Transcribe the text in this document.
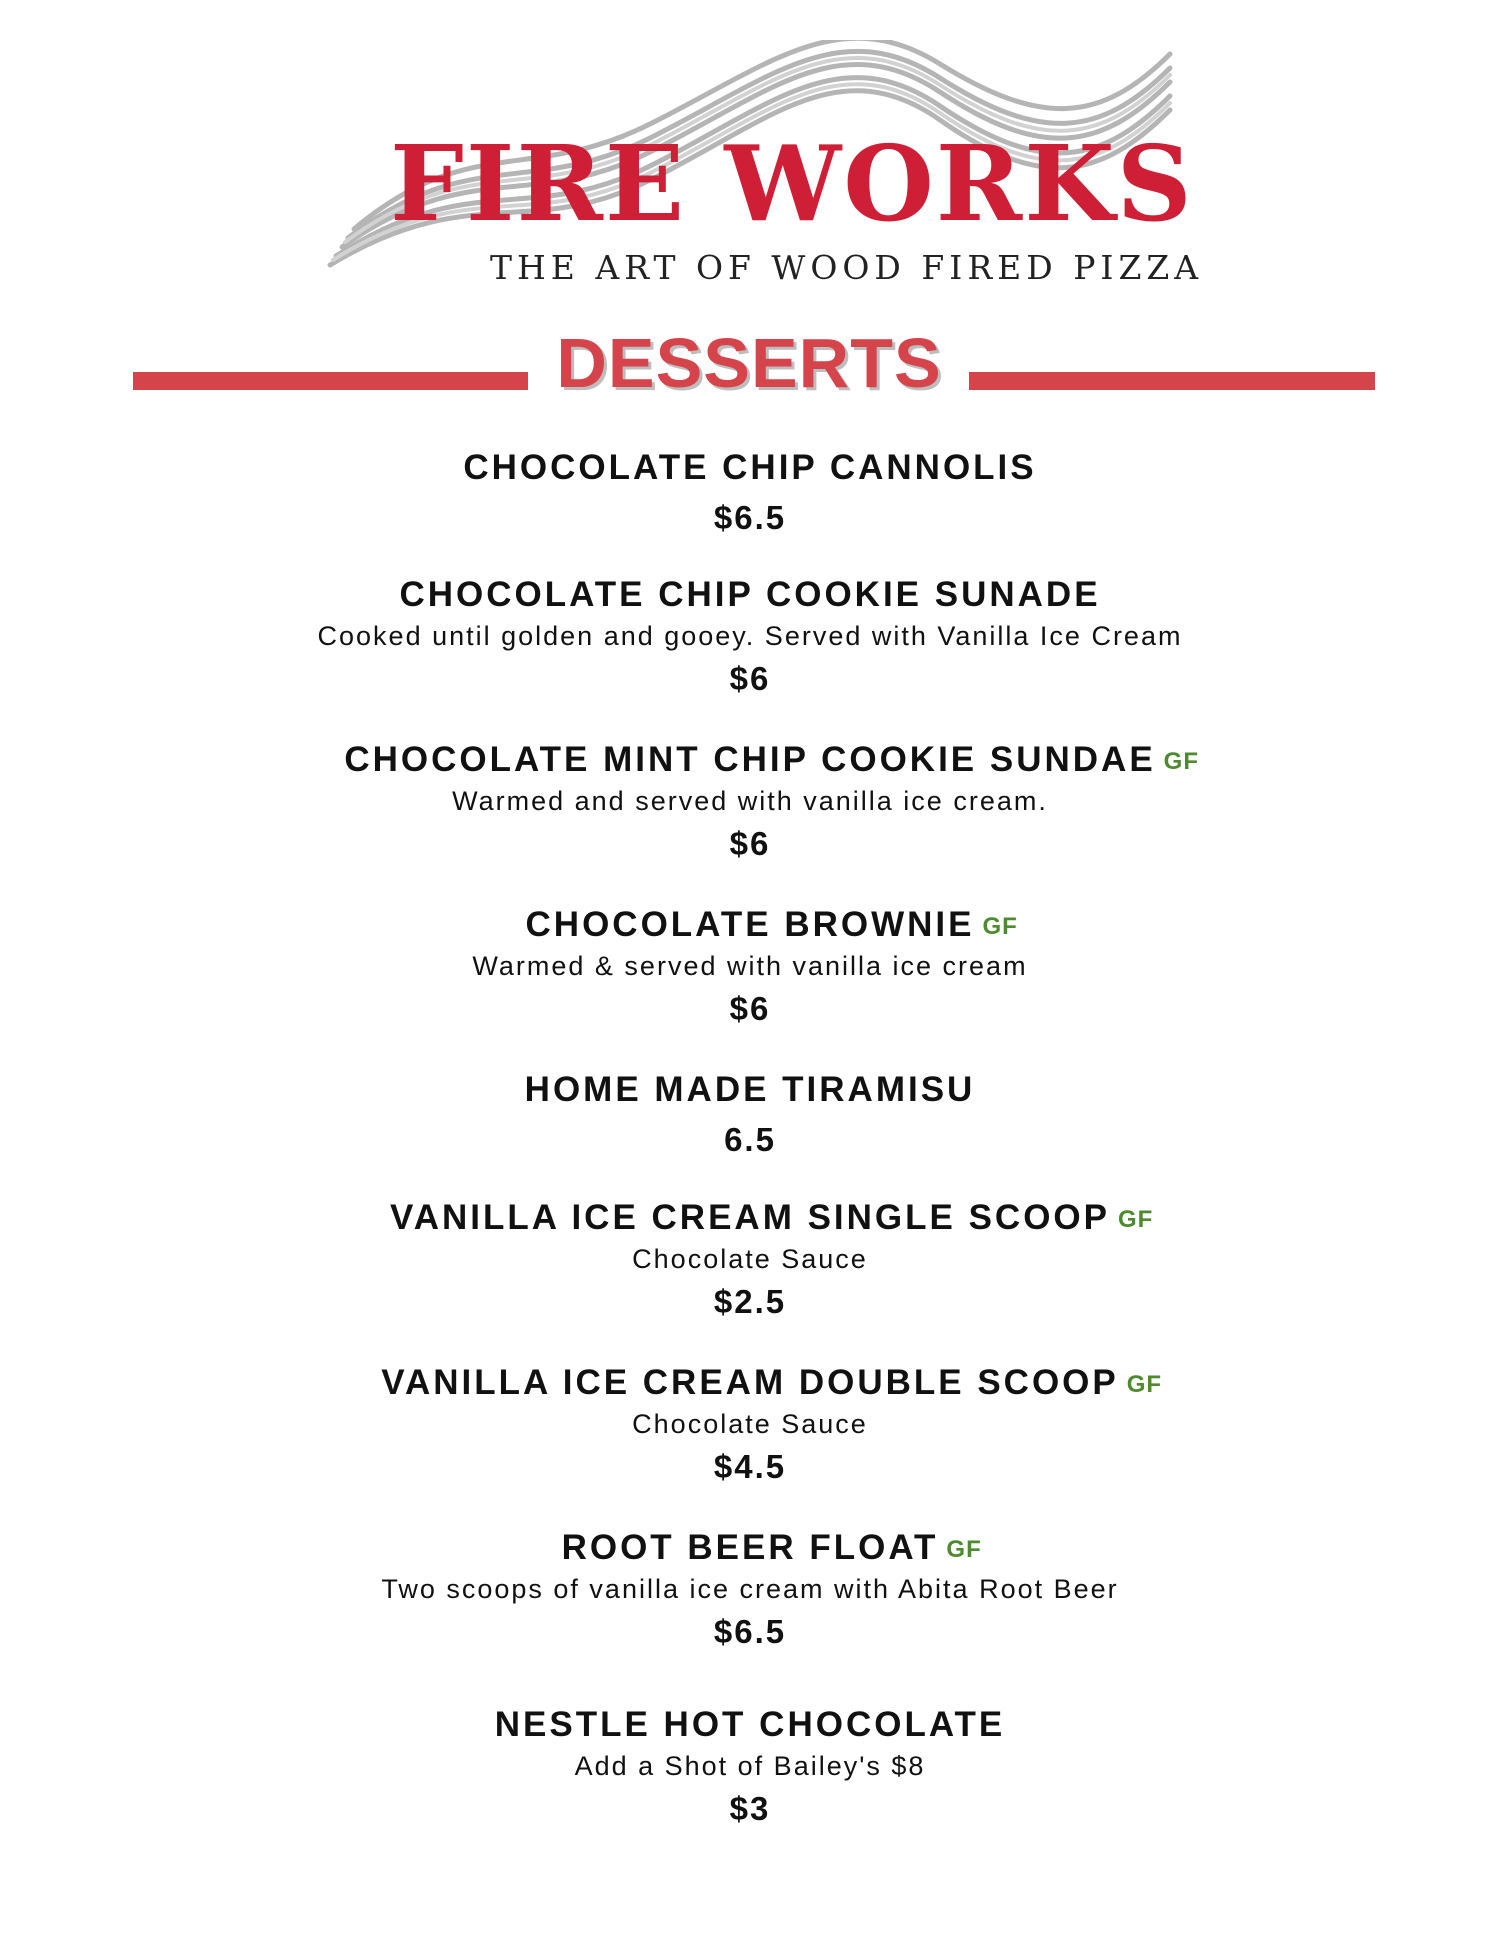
FIRE WORKS
THE ART OF WOOD FIRED PIZZA
DESSERTS
CHOCOLATE CHIP CANNOLIS
$6.5
CHOCOLATE CHIP COOKIE SUNADE
Cooked until golden and gooey. Served with Vanilla Ice Cream
$6
CHOCOLATE MINT CHIP COOKIE SUNDAE GF
Warmed and served with vanilla ice cream.
$6
CHOCOLATE BROWNIE GF
Warmed & served with vanilla ice cream
$6
HOME MADE TIRAMISU
6.5
VANILLA ICE CREAM SINGLE SCOOP GF
Chocolate Sauce
$2.5
VANILLA ICE CREAM DOUBLE SCOOP GF
Chocolate Sauce
$4.5
ROOT BEER FLOAT GF
Two scoops of vanilla ice cream with Abita Root Beer
$6.5
NESTLE HOT CHOCOLATE
Add a Shot of Bailey's $8
$3
